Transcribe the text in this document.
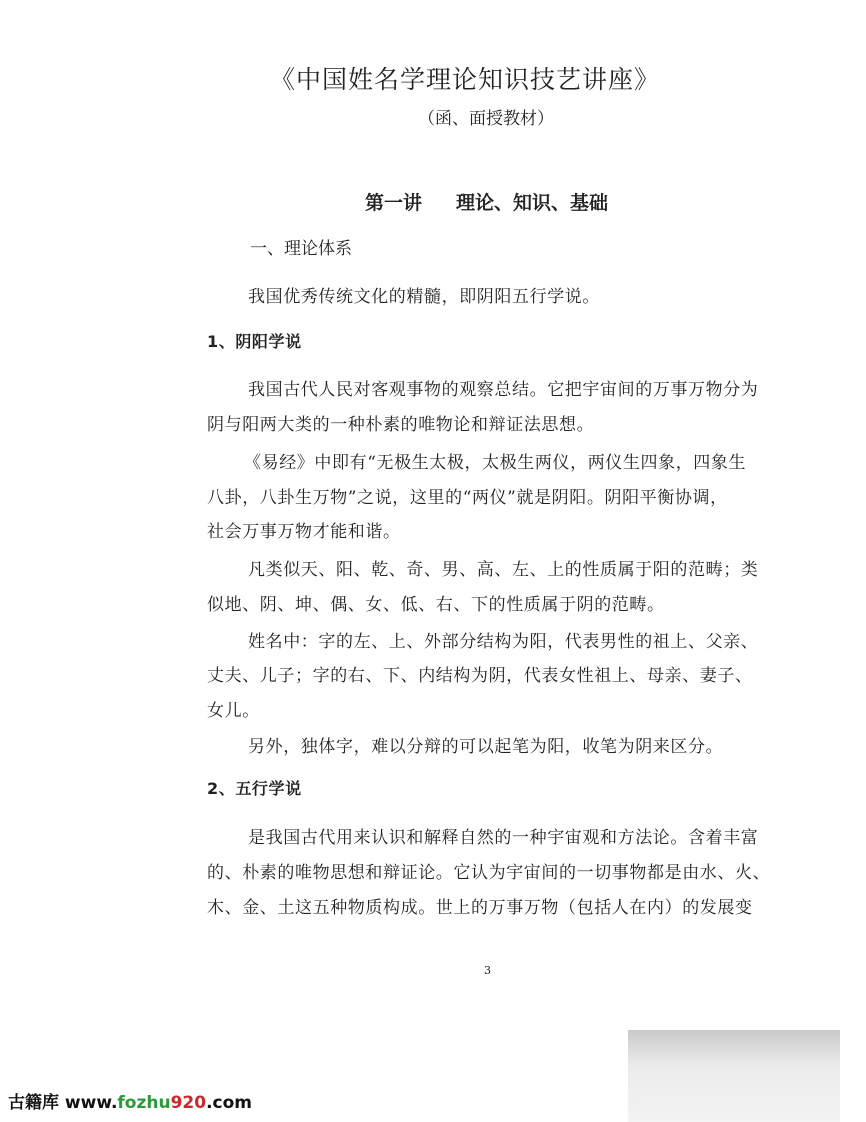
《中国姓名学理论知识技艺讲座》
（函、面授教材）
第一讲 理论、知识、基础
一、理论体系
我国优秀传统文化的精髓，即阴阳五行学说。
1、阴阳学说
我国古代人民对客观事物的观察总结。它把宇宙间的万事万物分为
阴与阳两大类的一种朴素的唯物论和辩证法思想。
《易经》中即有“无极生太极，太极生两仪，两仪生四象，四象生
八卦，八卦生万物”之说，这里的“两仪”就是阴阳。阴阳平衡协调，
社会万事万物才能和谐。
凡类似天、阳、乾、奇、男、高、左、上的性质属于阳的范畴；类
似地、阴、坤、偶、女、低、右、下的性质属于阴的范畴。
姓名中：字的左、上、外部分结构为阳，代表男性的祖上、父亲、
丈夫、儿子；字的右、下、内结构为阴，代表女性祖上、母亲、妻子、
女儿。
另外，独体字，难以分辩的可以起笔为阳，收笔为阴来区分。
2、五行学说
是我国古代用来认识和解释自然的一种宇宙观和方法论。含着丰富
的、朴素的唯物思想和辩证论。它认为宇宙间的一切事物都是由水、火、
木、金、土这五种物质构成。世上的万事万物（包括人在内）的发展变
3
古籍库 www.fozhu920.com
